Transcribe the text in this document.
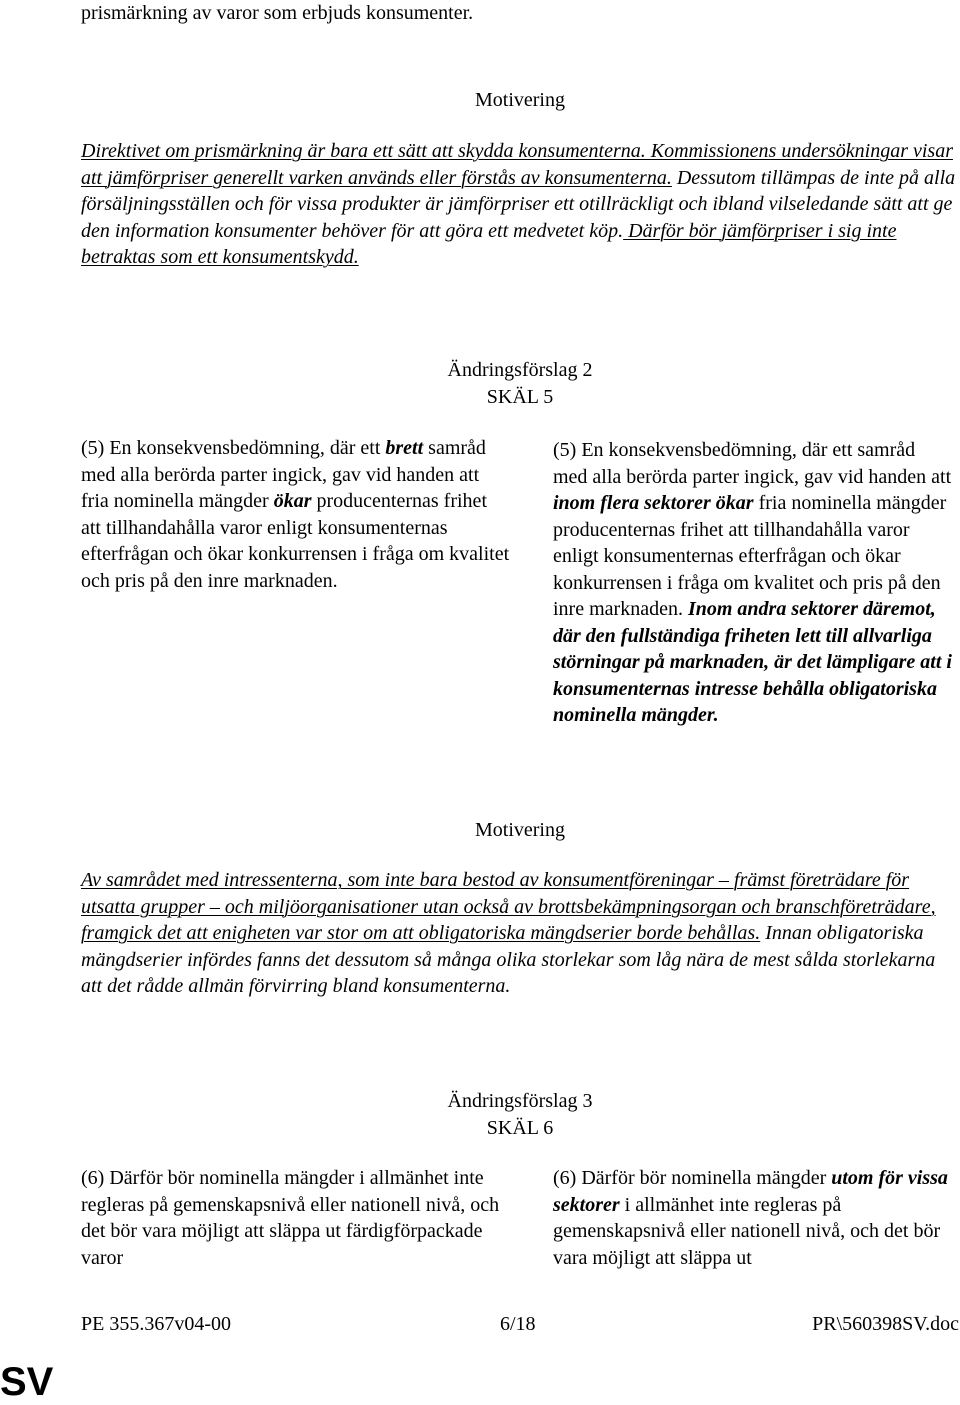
prismärkning av varor som erbjuds konsumenter.

Motivering

Direktivet om prismärkning är bara ett sätt att skydda konsumenterna. Kommissionens undersökningar visar att jämförpriser generellt varken används eller förstås av konsumenterna. Dessutom tillämpas de inte på alla försäljningsställen och för vissa produkter är jämförpriser ett otillräckligt och ibland vilseledande sätt att ge den information konsumenter behöver för att göra ett medvetet köp. Därför bör jämförpriser i sig inte betraktas som ett konsumentskydd.

Ändringsförslag 2
SKÄL 5

(5) En konsekvensbedömning, där ett brett samråd med alla berörda parter ingick, gav vid handen att fria nominella mängder ökar producenternas frihet att tillhandahålla varor enligt konsumenternas efterfrågan och ökar konkurrensen i fråga om kvalitet och pris på den inre marknaden.

(5) En konsekvensbedömning, där ett samråd med alla berörda parter ingick, gav vid handen att inom flera sektorer ökar fria nominella mängder producenternas frihet att tillhandahålla varor enligt konsumenternas efterfrågan och ökar konkurrensen i fråga om kvalitet och pris på den inre marknaden. Inom andra sektorer däremot, där den fullständiga friheten lett till allvarliga störningar på marknaden, är det lämpligare att i konsumenternas intresse behålla obligatoriska nominella mängder.

Motivering

Av samrådet med intressenterna, som inte bara bestod av konsumentföreningar – främst företrädare för utsatta grupper – och miljöorganisationer utan också av brottsbekämpningsorgan och branschföreträdare, framgick det att enigheten var stor om att obligatoriska mängdserier borde behållas. Innan obligatoriska mängdserier infördes fanns det dessutom så många olika storlekar som låg nära de mest sålda storlekarna att det rådde allmän förvirring bland konsumenterna.

Ändringsförslag 3
SKÄL 6

(6) Därför bör nominella mängder i allmänhet inte regleras på gemenskapsnivå eller nationell nivå, och det bör vara möjligt att släppa ut färdigförpackade varor

(6) Därför bör nominella mängder utom för vissa sektorer i allmänhet inte regleras på gemenskapsnivå eller nationell nivå, och det bör vara möjligt att släppa ut

PE 355.367v04-00	6/18	PR\560398SV.doc
SV
